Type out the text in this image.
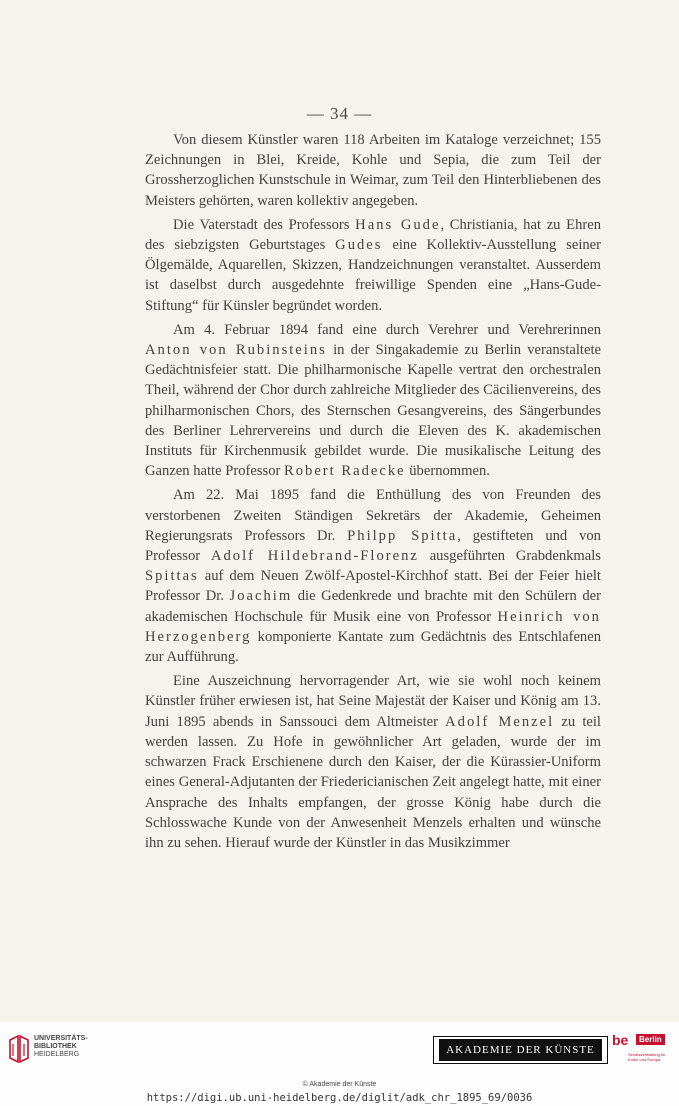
— 34 —

Von diesem Künstler waren 118 Arbeiten im Kataloge verzeichnet; 155 Zeichnungen in Blei, Kreide, Kohle und Sepia, die zum Teil der Grossherzoglichen Kunstschule in Weimar, zum Teil den Hinterbliebenen des Meisters gehörten, waren kollektiv angegeben.

Die Vaterstadt des Professors Hans Gude, Christiania, hat zu Ehren des siebzigsten Geburtstages Gudes eine Kollektiv-Ausstellung seiner Ölgemälde, Aquarellen, Skizzen, Handzeichnungen veranstaltet. Ausserdem ist daselbst durch ausgedehnte freiwillige Spenden eine „Hans-Gude-Stiftung“ für Künsler begründet worden.

Am 4. Februar 1894 fand eine durch Verehrer und Verehrerinnen Anton von Rubinsteins in der Singakademie zu Berlin veranstaltete Gedächtnisfeier statt. Die philharmonische Kapelle vertrat den orchestralen Theil, während der Chor durch zahlreiche Mitglieder des Cäcilienvereins, des philharmonischen Chors, des Sternschen Gesangvereins, des Sängerbundes des Berliner Lehrervereins und durch die Eleven des K. akademischen Instituts für Kirchenmusik gebildet wurde. Die musikalische Leitung des Ganzen hatte Professor Robert Radecke übernommen.

Am 22. Mai 1895 fand die Enthüllung des von Freunden des verstorbenen Zweiten Ständigen Sekretärs der Akademie, Geheimen Regierungsrats Professors Dr. Philpp Spitta, gestifteten und von Professor Adolf Hildebrand-Florenz ausgeführten Grabdenkmals Spittas auf dem Neuen Zwölf-Apostel-Kirchhof statt. Bei der Feier hielt Professor Dr. Joachim die Gedenkrede und brachte mit den Schülern der akademischen Hochschule für Musik eine von Professor Heinrich von Herzogenberg komponierte Kantate zum Gedächtnis des Entschlafenen zur Aufführung.

Eine Auszeichnung hervorragender Art, wie sie wohl noch keinem Künstler früher erwiesen ist, hat Seine Majestät der Kaiser und König am 13. Juni 1895 abends in Sanssouci dem Altmeister Adolf Menzel zu teil werden lassen. Zu Hofe in gewöhnlicher Art geladen, wurde der im schwarzen Frack Erschienene durch den Kaiser, der die Kürassier-Uniform eines General-Adjutanten der Friedericianischen Zeit angelegt hatte, mit einer Ansprache des Inhalts empfangen, der grosse König habe durch die Schlosswache Kunde von der Anwesenheit Menzels erhalten und wünsche ihn zu sehen. Hierauf wurde der Künstler in das Musikzimmer

UNIVERSITÄTS-
BIBLIOTHEK
HEIDELBERG	AKADEMIE DER KÜNSTE
be	Berlin
Senatsverwaltung für Kultur und Europa
© Akademie der Künste
https://digi.ub.uni-heidelberg.de/diglit/adk_chr_1895_69/0036
